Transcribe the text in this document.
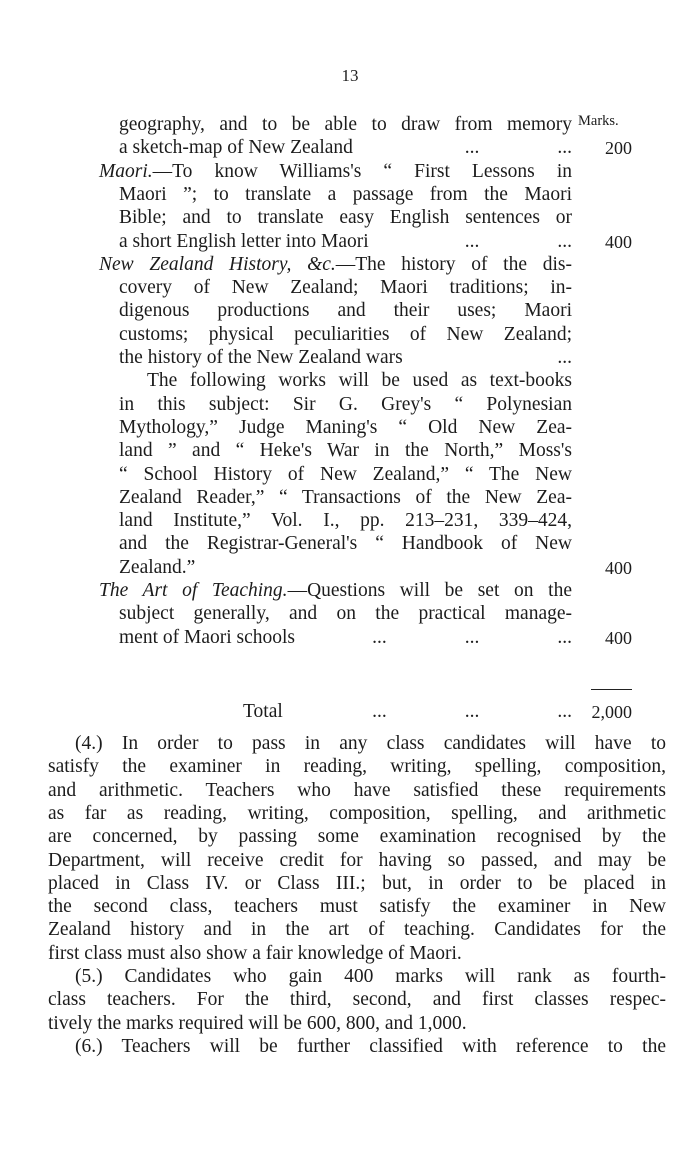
13
Marks.
geography, and to be able to draw from memory
a sketch-map of New Zealand	...	...	200
Maori.—To know Williams's “ First Lessons in
Maori ”; to translate a passage from the Maori
Bible; and to translate easy English sentences or
a short English letter into Maori	...	...	400
New Zealand History, &c.—The history of the dis-
covery of New Zealand; Maori traditions; in-
digenous productions and their uses; Maori
customs; physical peculiarities of New Zealand;
the history of the New Zealand wars	...
The following works will be used as text-books
in this subject: Sir G. Grey's “ Polynesian
Mythology,” Judge Maning's “ Old New Zea-
land ” and “ Heke's War in the North,” Moss's
“ School History of New Zealand,” “ The New
Zealand Reader,” “ Transactions of the New Zea-
land Institute,” Vol. I., pp. 213–231, 339–424,
and the Registrar-General's “ Handbook of New
Zealand.”	400
The Art of Teaching.—Questions will be set on the
subject generally, and on the practical manage-
ment of Maori schools	...	...	...	400
Total	...	...	...	2,000
(4.) In order to pass in any class candidates will have to
satisfy the examiner in reading, writing, spelling, composition,
and arithmetic. Teachers who have satisfied these requirements
as far as reading, writing, composition, spelling, and arithmetic
are concerned, by passing some examination recognised by the
Department, will receive credit for having so passed, and may be
placed in Class IV. or Class III.; but, in order to be placed in
the second class, teachers must satisfy the examiner in New
Zealand history and in the art of teaching. Candidates for the
first class must also show a fair knowledge of Maori.
(5.) Candidates who gain 400 marks will rank as fourth-
class teachers. For the third, second, and first classes respec-
tively the marks required will be 600, 800, and 1,000.
(6.) Teachers will be further classified with reference to the
